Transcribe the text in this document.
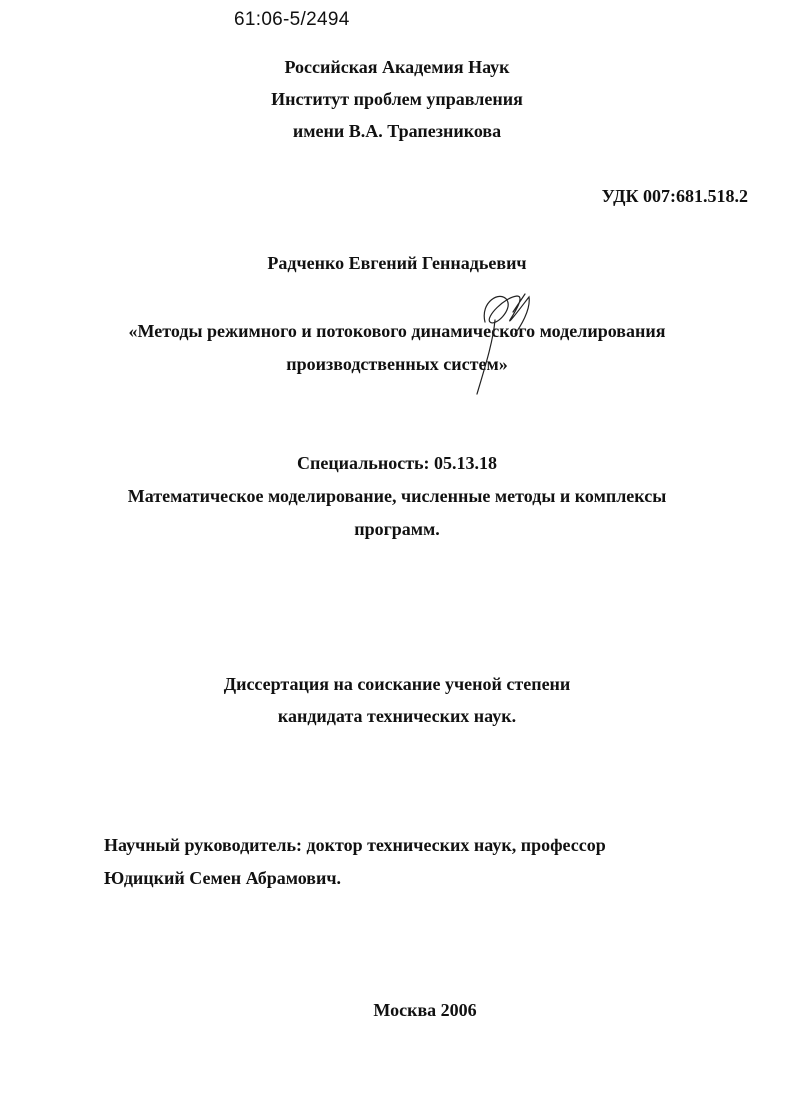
61:06-5/2494
Российская Академия Наук
Институт проблем управления
имени В.А. Трапезникова
УДК 007:681.518.2
Радченко Евгений Геннадьевич
«Методы режимного и потокового динамического моделирования
производственных систем»
Специальность: 05.13.18
Математическое моделирование, численные методы и комплексы
программ.
Диссертация на соискание ученой степени
кандидата технических наук.
Научный руководитель: доктор технических наук, профессор
Юдицкий Семен Абрамович.
Москва 2006
